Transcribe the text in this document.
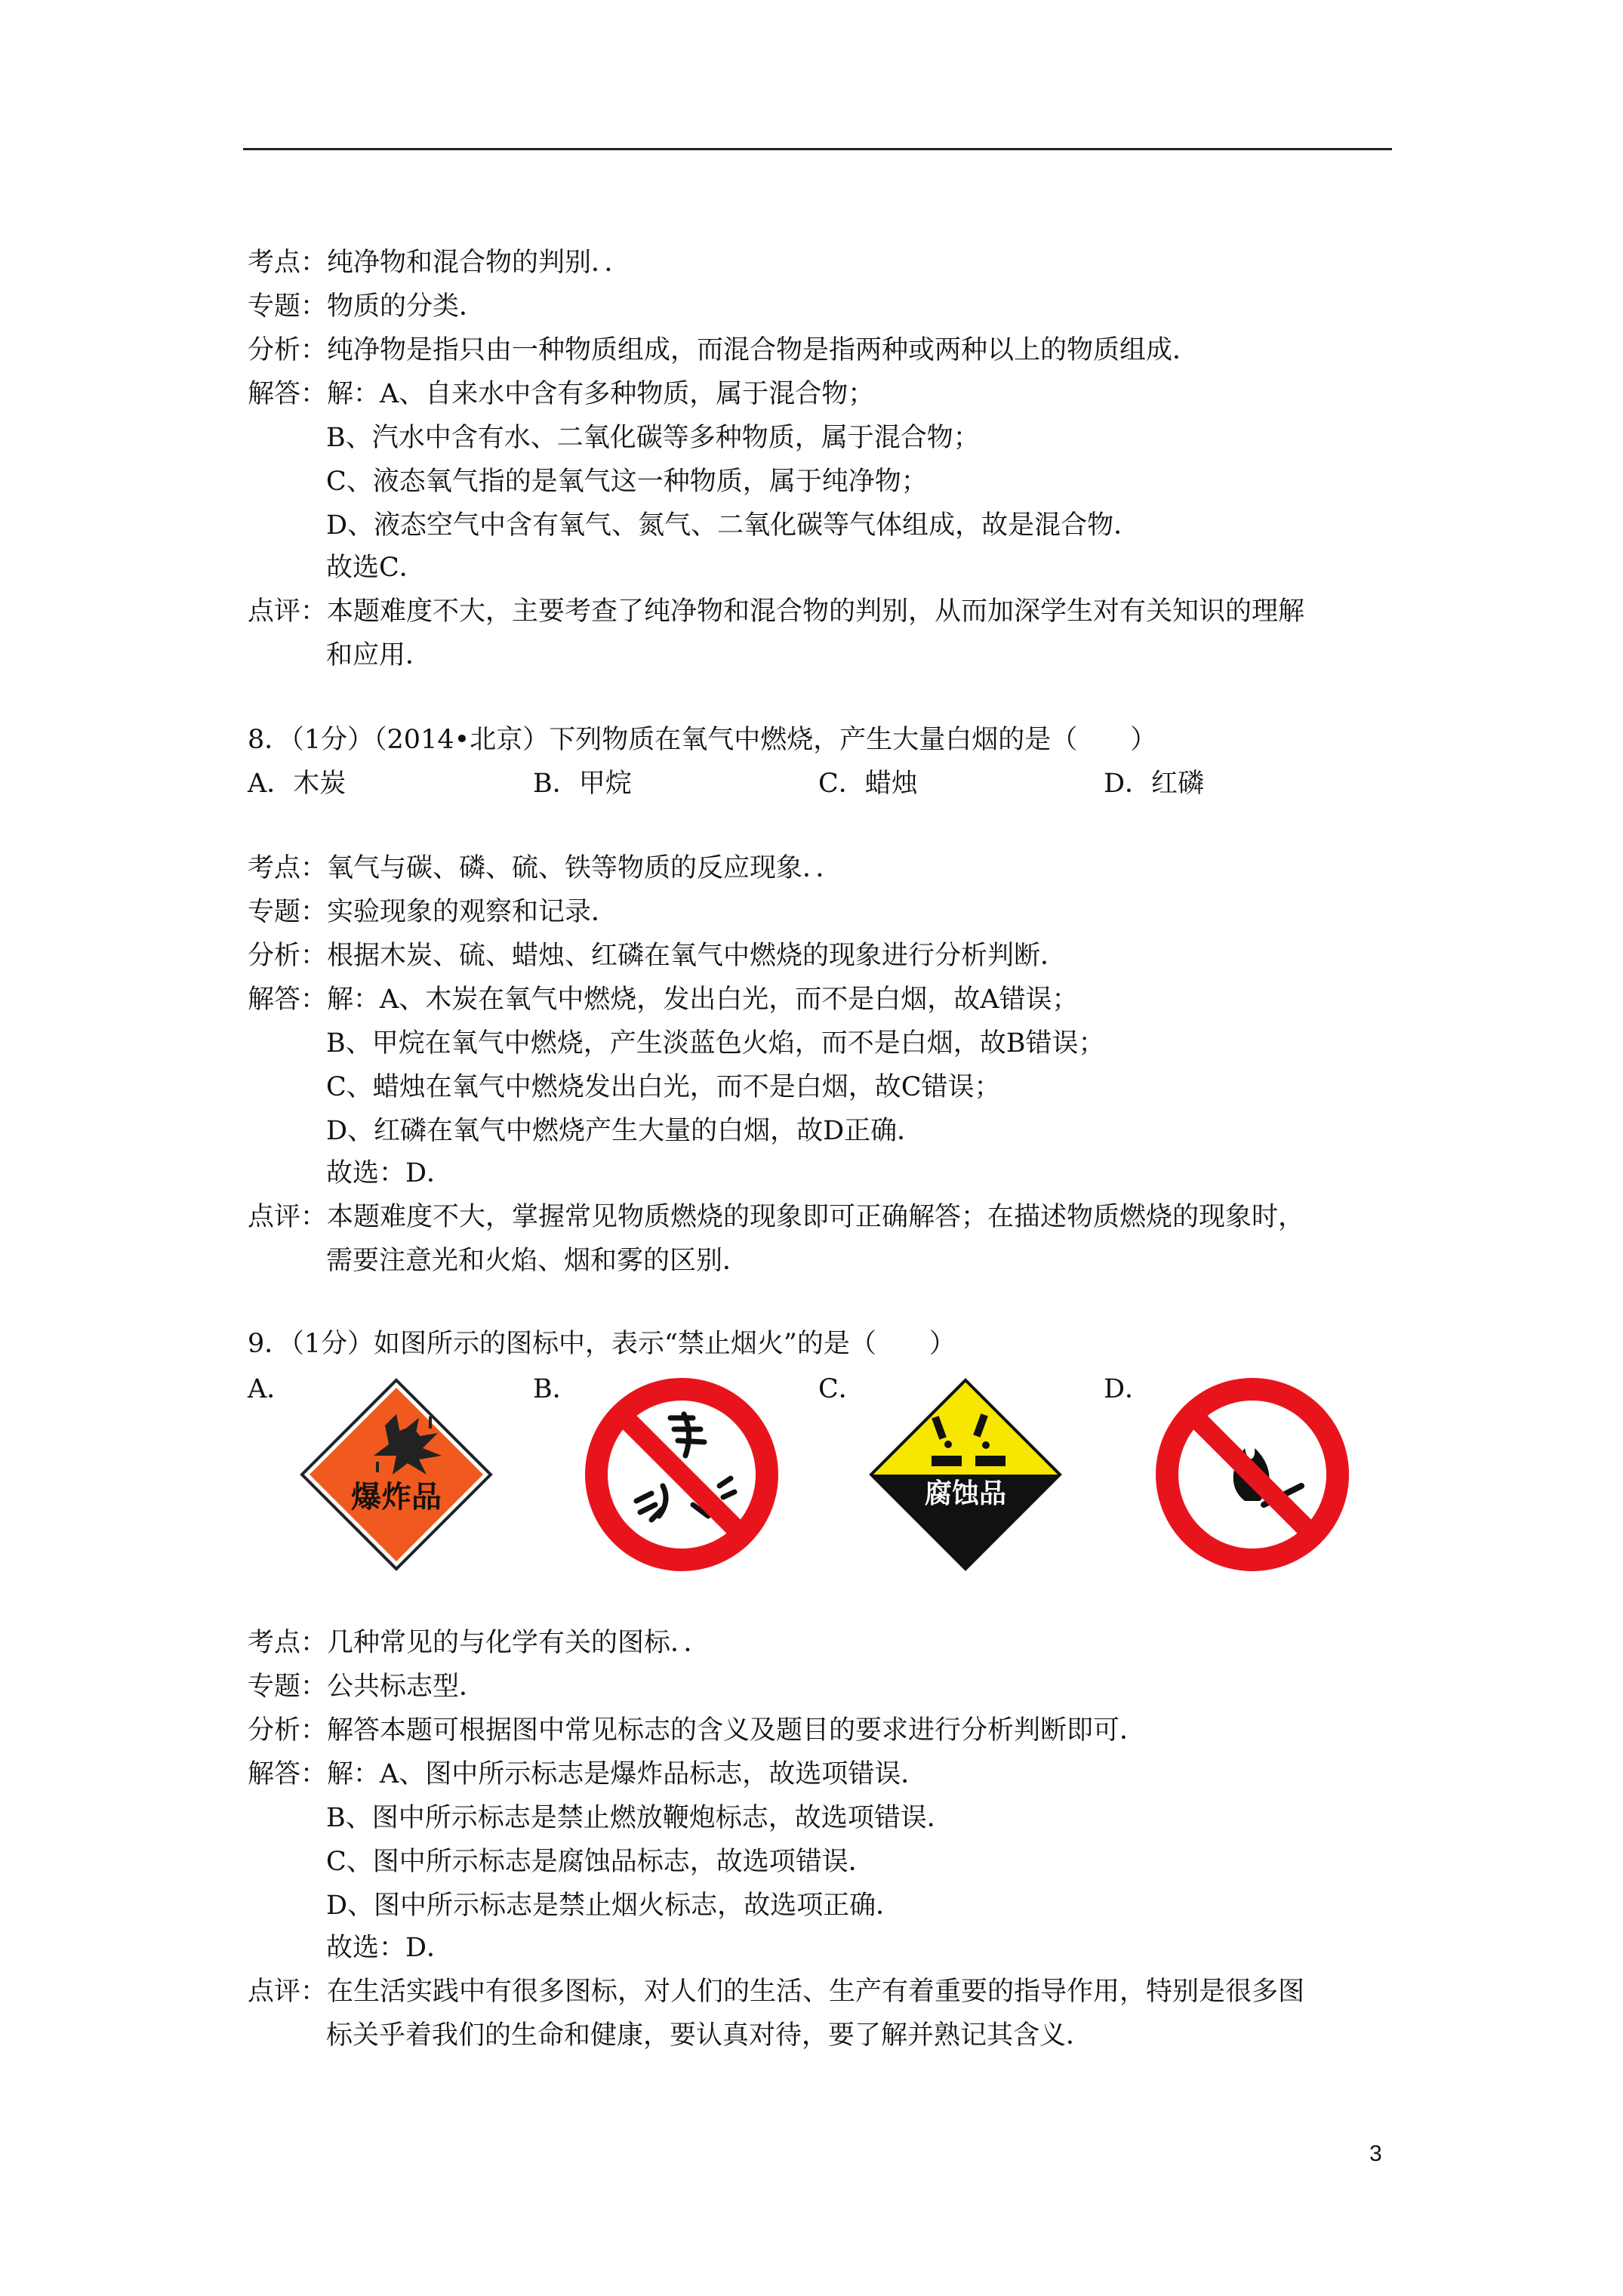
考点：纯净物和混合物的判别．．
专题：物质的分类．
分析：纯净物是指只由一种物质组成，而混合物是指两种或两种以上的物质组成．
解答：解：A、自来水中含有多种物质，属于混合物；
B、汽水中含有水、二氧化碳等多种物质，属于混合物；
C、液态氧气指的是氧气这一种物质，属于纯净物；
D、液态空气中含有氧气、氮气、二氧化碳等气体组成，故是混合物．
故选C．
点评：本题难度不大，主要考查了纯净物和混合物的判别，从而加深学生对有关知识的理解
和应用．
8．（1分）（2014•北京）下列物质在氧气中燃烧，产生大量白烟的是（　　）
A．木炭	B．甲烷	C．蜡烛	D．红磷
考点：氧气与碳、磷、硫、铁等物质的反应现象．．
专题：实验现象的观察和记录．
分析：根据木炭、硫、蜡烛、红磷在氧气中燃烧的现象进行分析判断．
解答：解：A、木炭在氧气中燃烧，发出白光，而不是白烟，故A错误；
B、甲烷在氧气中燃烧，产生淡蓝色火焰，而不是白烟，故B错误；
C、蜡烛在氧气中燃烧发出白光，而不是白烟，故C错误；
D、红磷在氧气中燃烧产生大量的白烟，故D正确．
故选：D．
点评：本题难度不大，掌握常见物质燃烧的现象即可正确解答；在描述物质燃烧的现象时，
需要注意光和火焰、烟和雾的区别．
9．（1分）如图所示的图标中，表示“禁止烟火”的是（　　）
A．	B．	C．	D．
爆炸品	腐蚀品
考点：几种常见的与化学有关的图标．．
专题：公共标志型．
分析：解答本题可根据图中常见标志的含义及题目的要求进行分析判断即可．
解答：解：A、图中所示标志是爆炸品标志，故选项错误．
B、图中所示标志是禁止燃放鞭炮标志，故选项错误．
C、图中所示标志是腐蚀品标志，故选项错误．
D、图中所示标志是禁止烟火标志，故选项正确．
故选：D．
点评：在生活实践中有很多图标，对人们的生活、生产有着重要的指导作用，特别是很多图
标关乎着我们的生命和健康，要认真对待，要了解并熟记其含义．
3
